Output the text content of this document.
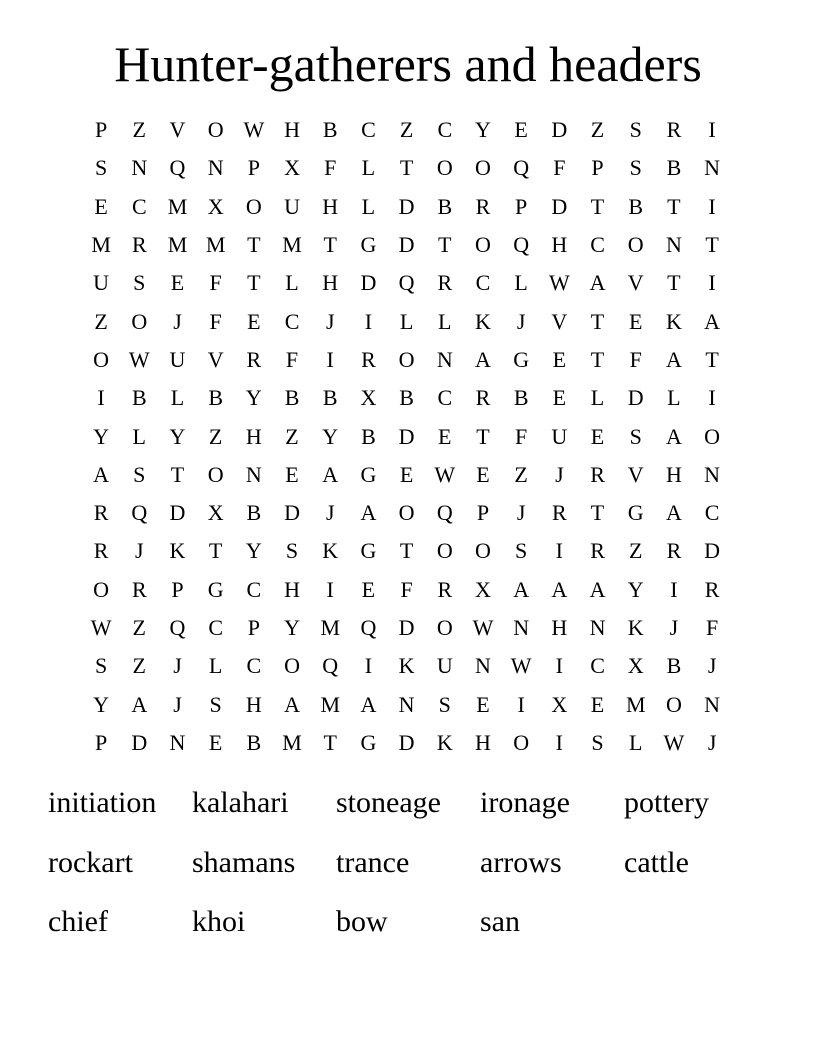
Hunter-gatherers and headers
P	Z	V	O W H	B	C	Z	C	Y	E	D	Z	S	R	I
S	N	Q	N	P	X	F	L	T	O	O	Q	F	P	S	B	N
E	C M X	O	U	H	L	D	B	R	P	D	T	B	T	I
M R M M T M T	G	D	T	O	Q	H	C	O	N	T
U	S	E	F	T	L	H	D	Q	R	C	L W A	V	T	I
Z	O	J	F	E	C	J	I	L	L	K	J	V	T	E	K	A
O W U	V	R	F	I	R	O	N	A	G	E	T	F	A	T
I	B	L	B	Y	B	B	X	B	C	R	B	E	L	D	L	I
Y	L	Y	Z	H	Z	Y	B	D	E	T	F	U	E	S	A	O
A	S	T	O	N	E	A	G	E W E	Z	J	R	V	H	N
R	Q	D	X	B	D	J	A	O	Q	P	J	R	T	G	A	C
R	J	K	T	Y	S	K	G	T	O	O	S	I	R	Z	R	D
O	R	P	G	C	H	I	E	F	R	X	A	A	A	Y	I	R
W Z	Q	C	P	Y M Q	D	O W N	H	N	K	J	F
S	Z	J	L	C	O	Q	I	K	U	N W	I	C	X	B	J
Y	A	J	S	H	A M A	N	S	E	I	X	E M O	N
P	D	N	E	B M T	G	D	K	H	O	I	S	L W	J
initiation	kalahari	stoneage	ironage	pottery
rockart	shamans	trance	arrows	cattle
chief	khoi	bow	san
